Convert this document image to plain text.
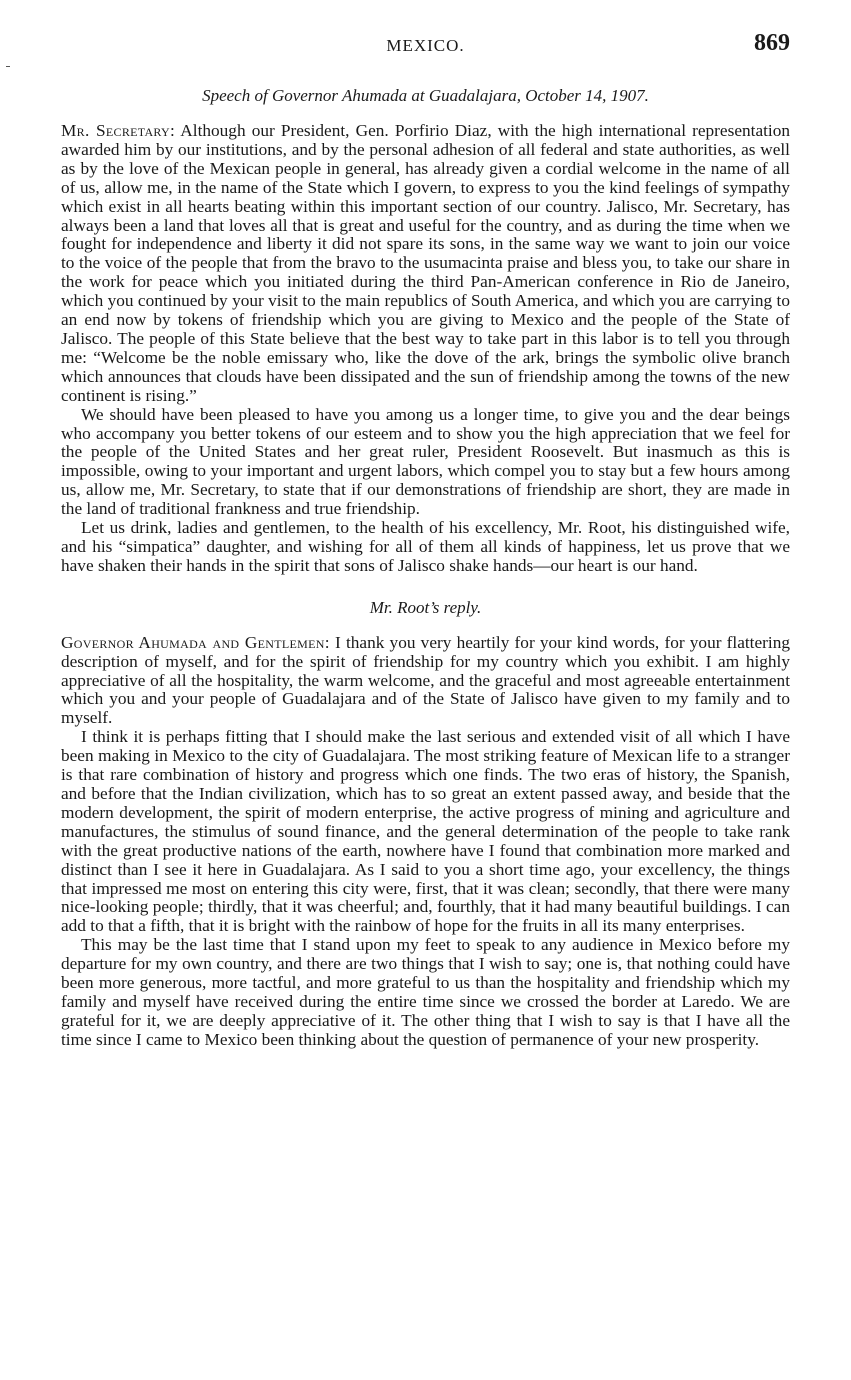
MEXICO.	869
Speech of Governor Ahumada at Guadalajara, October 14, 1907.

Mr. Secretary: Although our President, Gen. Porfirio Diaz, with the high international representation awarded him by our institutions, and by the personal adhesion of all federal and state authorities, as well as by the love of the Mexican people in general, has already given a cordial welcome in the name of all of us, allow me, in the name of the State which I govern, to express to you the kind feelings of sympathy which exist in all hearts beating within this important section of our country. Jalisco, Mr. Secretary, has always been a land that loves all that is great and useful for the country, and as during the time when we fought for independence and liberty it did not spare its sons, in the same way we want to join our voice to the voice of the people that from the bravo to the usumacinta praise and bless you, to take our share in the work for peace which you initiated during the third Pan-American conference in Rio de Janeiro, which you continued by your visit to the main republics of South America, and which you are carrying to an end now by tokens of friendship which you are giving to Mexico and the people of the State of Jalisco. The people of this State believe that the best way to take part in this labor is to tell you through me: “Welcome be the noble emissary who, like the dove of the ark, brings the symbolic olive branch which announces that clouds have been dissipated and the sun of friendship among the towns of the new continent is rising.”

We should have been pleased to have you among us a longer time, to give you and the dear beings who accompany you better tokens of our esteem and to show you the high appreciation that we feel for the people of the United States and her great ruler, President Roosevelt. But inasmuch as this is impossible, owing to your important and urgent labors, which compel you to stay but a few hours among us, allow me, Mr. Secretary, to state that if our demonstrations of friendship are short, they are made in the land of traditional frankness and true friendship.

Let us drink, ladies and gentlemen, to the health of his excellency, Mr. Root, his distinguished wife, and his “simpatica” daughter, and wishing for all of them all kinds of happiness, let us prove that we have shaken their hands in the spirit that sons of Jalisco shake hands—our heart is our hand.

Mr. Root’s reply.

Governor Ahumada and Gentlemen: I thank you very heartily for your kind words, for your flattering description of myself, and for the spirit of friendship for my country which you exhibit. I am highly appreciative of all the hospitality, the warm welcome, and the graceful and most agreeable entertainment which you and your people of Guadalajara and of the State of Jalisco have given to my family and to myself.

I think it is perhaps fitting that I should make the last serious and extended visit of all which I have been making in Mexico to the city of Guadalajara. The most striking feature of Mexican life to a stranger is that rare combination of history and progress which one finds. The two eras of history, the Spanish, and before that the Indian civilization, which has to so great an extent passed away, and beside that the modern development, the spirit of modern enterprise, the active progress of mining and agriculture and manufactures, the stimulus of sound finance, and the general determination of the people to take rank with the great productive nations of the earth, nowhere have I found that combination more marked and distinct than I see it here in Guadalajara. As I said to you a short time ago, your excellency, the things that impressed me most on entering this city were, first, that it was clean; secondly, that there were many nice-looking people; thirdly, that it was cheerful; and, fourthly, that it had many beautiful buildings. I can add to that a fifth, that it is bright with the rainbow of hope for the fruits in all its many enterprises.

This may be the last time that I stand upon my feet to speak to any audience in Mexico before my departure for my own country, and there are two things that I wish to say; one is, that nothing could have been more generous, more tactful, and more grateful to us than the hospitality and friendship which my family and myself have received during the entire time since we crossed the border at Laredo. We are grateful for it, we are deeply appreciative of it. The other thing that I wish to say is that I have all the time since I came to Mexico been thinking about the question of permanence of your new prosperity.
